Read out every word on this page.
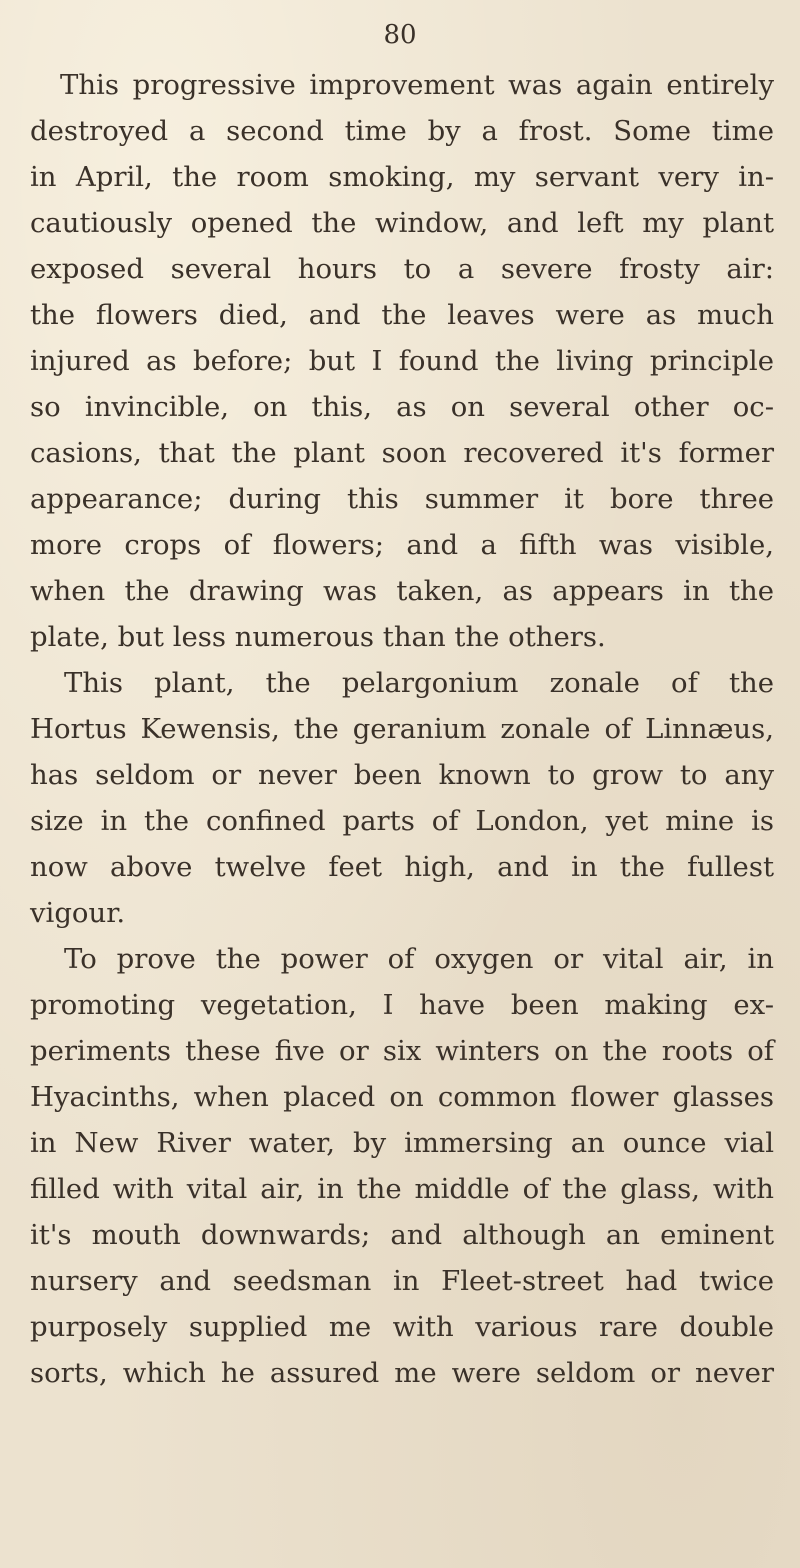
80
This progressive improvement was again entirely
destroyed a second time by a frost. Some time
in April, the room smoking, my servant very in-
cautiously opened the window, and left my plant
exposed several hours to a severe frosty air:
the flowers died, and the leaves were as much
injured as before; but I found the living principle
so invincible, on this, as on several other oc-
casions, that the plant soon recovered it's former
appearance; during this summer it bore three
more crops of flowers; and a fifth was visible,
when the drawing was taken, as appears in the
plate, but less numerous than the others.
This plant, the pelargonium zonale of the
Hortus Kewensis, the geranium zonale of Linnæus,
has seldom or never been known to grow to any
size in the confined parts of London, yet mine is
now above twelve feet high, and in the fullest
vigour.
To prove the power of oxygen or vital air, in
promoting vegetation, I have been making ex-
periments these five or six winters on the roots of
Hyacinths, when placed on common flower glasses
in New River water, by immersing an ounce vial
filled with vital air, in the middle of the glass, with
it's mouth downwards; and although an eminent
nursery and seedsman in Fleet-street had twice
purposely supplied me with various rare double
sorts, which he assured me were seldom or never
